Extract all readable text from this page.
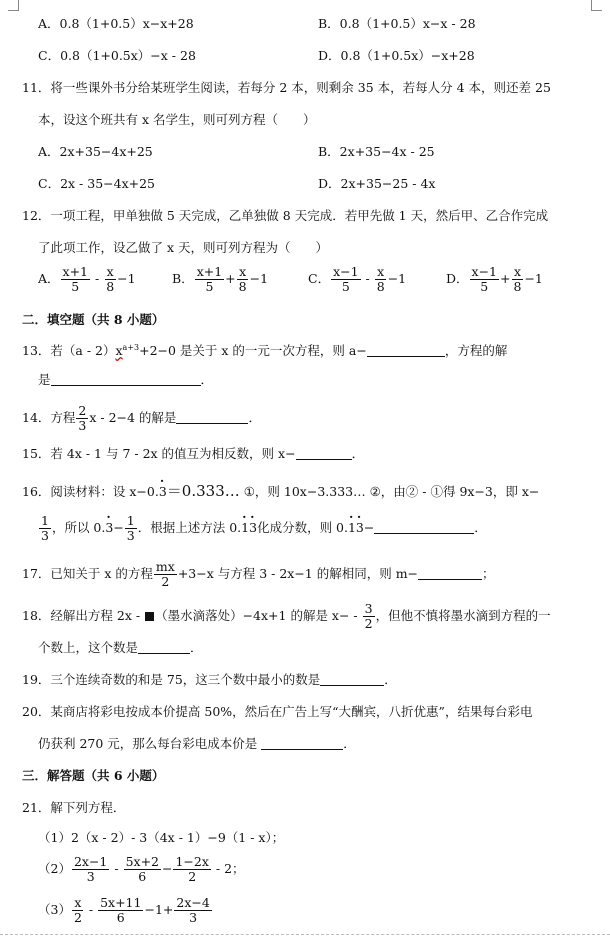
A．0.8（1+0.5）x−x+28	B．0.8（1+0.5）x−x - 28
C．0.8（1+0.5x）−x - 28	D．0.8（1+0.5x）−x+28
11．将一些课外书分给某班学生阅读，若每分 2 本，则剩余 35 本，若每人分 4 本，则还差 25
本，设这个班共有 x 名学生，则可列方程（　　）
A．2x+35−4x+25	B．2x+35−4x - 25
C．2x - 35−4x+25	D．2x+35−25 - 4x
12．一项工程，甲单独做 5 天完成，乙单独做 8 天完成．若甲先做 1 天，然后甲、乙合作完成
了此项工作，设乙做了 x 天，则可列方程为（　　）
A． $\frac{x+1}{5} - \frac{x}{8} -1$	B． $\frac{x+1}{5} + \frac{x}{8} -1$	C． $\frac{x-1}{5} - \frac{x}{8} -1$	D． $\frac{x-1}{5} + \frac{x}{8} -1$
二．填空题（共 8 小题）
13．若$(a - 2)x^{a+3}+2-0$ 是关于 x 的一元一次方程，则 a−	，方程的解
是	．
14．方程 $\frac{2}{3}$ x - 2−4 的解是	．
15．若 4x - 1 与 7 - 2x 的值互为相反数，则 x−	．
16．阅读材料：设 x−0.· 3＝0.333… ①，则 10x−3.333… ②，由② - ①得 9x−3，即 x−
$\frac{1}{3}$ ，所以 $0.\cdot 3- \frac{1}{3}$ ．根据上述方法 0.· 1· 3化成分数，则 0.· 1· 3−	．
17．已知关于 x 的方程 $\frac{mx}{2} +3-x$ 与方程 3 - 2x−1 的解相同，则 m−	；
18．经解出方程 2x - （墨水滴落处）−4x+1 的解是 $x- - \frac{3}{2}$ ，但他不慎将墨水滴到方程的一
个数上，这个数是	．
19．三个连续奇数的和是 75，这三个数中最小的数是	．
20．某商店将彩电按成本价提高 50%，然后在广告上写“大酬宾，八折优惠”，结果每台彩电
仍获利 270 元，那么每台彩电成本价是	．
三．解答题（共 6 小题）
21．解下列方程．
（1）2（x - 2）- 3（4x - 1）−9（1 - x）；
$(2) \frac{2x-1}{3} - \frac{5x+2}{6} - \frac{1-2x}{2} - 2$；
$(3) \frac{x}{2} - \frac{5x+11}{6} -1+ \frac{2x-4}{3}$
